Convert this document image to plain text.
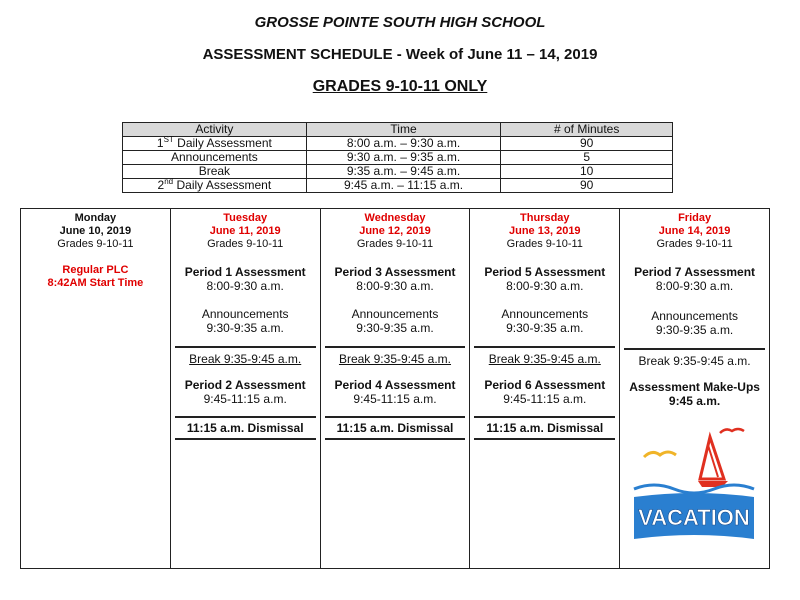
GROSSE POINTE SOUTH HIGH SCHOOL
ASSESSMENT SCHEDULE - Week of June 11 – 14, 2019
GRADES 9-10-11 ONLY
Activity	Time	# of Minutes
1ST Daily Assessment	8:00 a.m. – 9:30 a.m.	90
Announcements	9:30 a.m. – 9:35 a.m.	5
Break	9:35 a.m. – 9:45 a.m.	10
2nd Daily Assessment	9:45 a.m. – 11:15 a.m.	90
Monday
June 10, 2019
Grades 9-10-11
Regular PLC
8:42AM Start Time
Tuesday
June 11, 2019
Grades 9-10-11
Period 1 Assessment
8:00-9:30 a.m.
Announcements
9:30-9:35 a.m.
Break 9:35-9:45 a.m.
Period 2 Assessment
9:45-11:15 a.m.
11:15 a.m. Dismissal
Wednesday
June 12, 2019
Grades 9-10-11
Period 3 Assessment
8:00-9:30 a.m.
Announcements
9:30-9:35 a.m.
Break 9:35-9:45 a.m.
Period 4 Assessment
9:45-11:15 a.m.
11:15 a.m. Dismissal
Thursday
June 13, 2019
Grades 9-10-11
Period 5 Assessment
8:00-9:30 a.m.
Announcements
9:30-9:35 a.m.
Break 9:35-9:45 a.m.
Period 6 Assessment
9:45-11:15 a.m.
11:15 a.m. Dismissal
Friday
June 14, 2019
Grades 9-10-11
Period 7 Assessment
8:00-9:30 a.m.
Announcements
9:30-9:35 a.m.
Break 9:35-9:45 a.m.
Assessment Make-Ups
9:45 a.m.
VACATION
